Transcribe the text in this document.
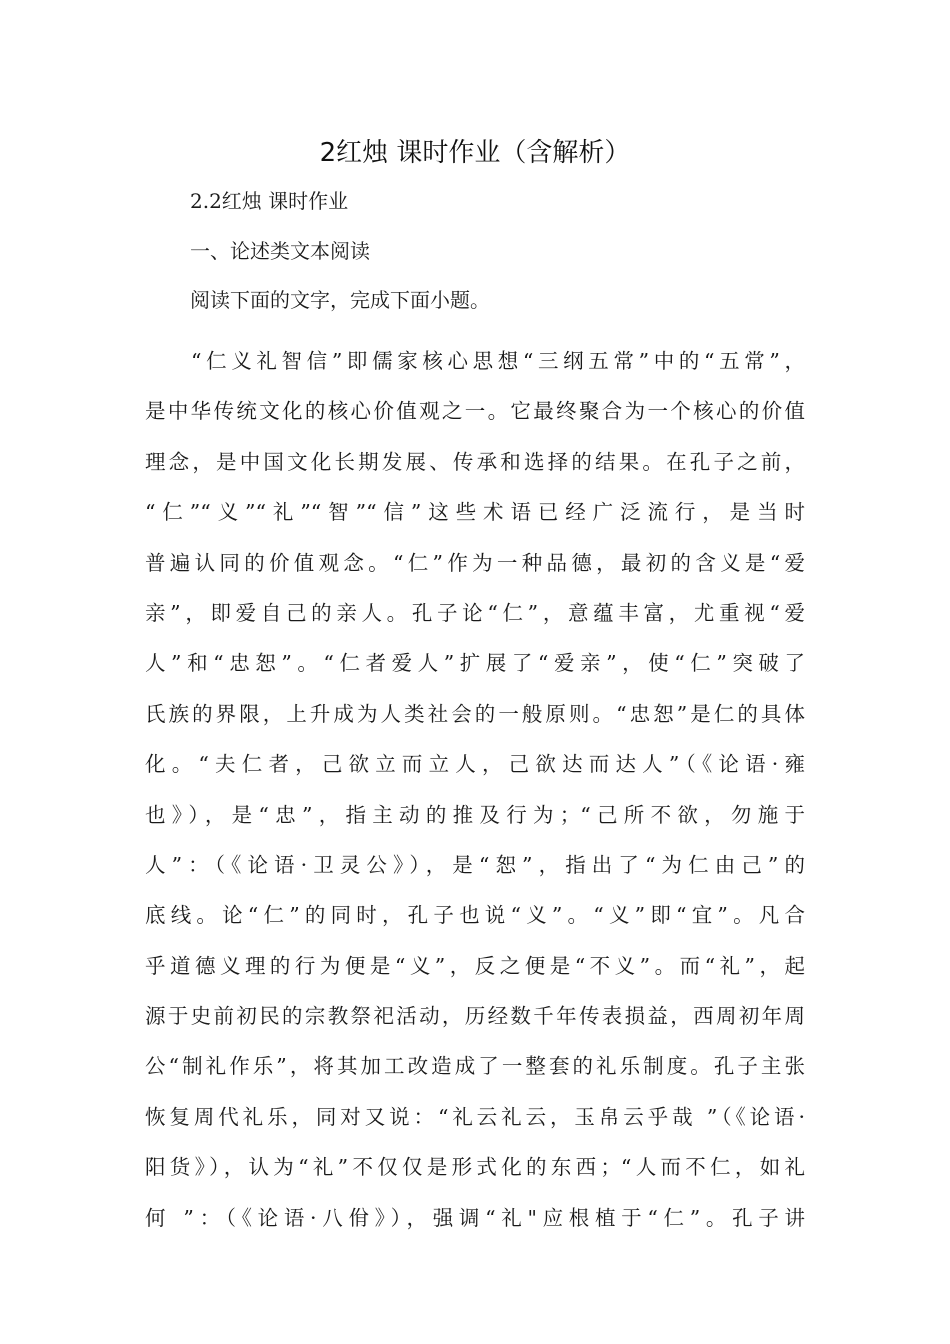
2红烛 课时作业（含解析）
2.2红烛 课时作业
一、论述类文本阅读
阅读下面的文字，完成下面小题。
“仁义礼智信”即儒家核心思想“三纲五常”中的“五常”，
是中华传统文化的核心价值观之一。它最终聚合为一个核心的价值
理念，是中国文化长期发展、传承和选择的结果。在孔子之前，
“仁”“义”“礼”“智”“信”这些术语已经广泛流行，是当时
普遍认同的价值观念。“仁”作为一种品德，最初的含义是“爱
亲”，即爱自己的亲人。孔子论“仁”，意蕴丰富，尤重视“爱
人”和“忠恕”。“仁者爱人”扩展了“爱亲”，使“仁”突破了
氏族的界限，上升成为人类社会的一般原则。“忠恕”是仁的具体
化。“夫仁者，己欲立而立人，己欲达而达人”（《论语·雍
也》），是“忠”，指主动的推及行为；“己所不欲，勿施于
人”：（《论语·卫灵公》），是“恕”，指出了“为仁由己”的
底线。论“仁”的同时，孔子也说“义”。“义”即“宜”。凡合
乎道德义理的行为便是“义”，反之便是“不义”。而“礼”，起
源于史前初民的宗教祭祀活动，历经数千年传表损益，西周初年周
公“制礼作乐”，将其加工改造成了一整套的礼乐制度。孔子主张
恢复周代礼乐，同对又说：“礼云礼云，玉帛云乎哉 ”（《论语·
阳货》），认为“礼”不仅仅是形式化的东西；“人而不仁，如礼
何 ”：（《论语·八佾》），强调“礼"应根植于“仁”。孔子讲
